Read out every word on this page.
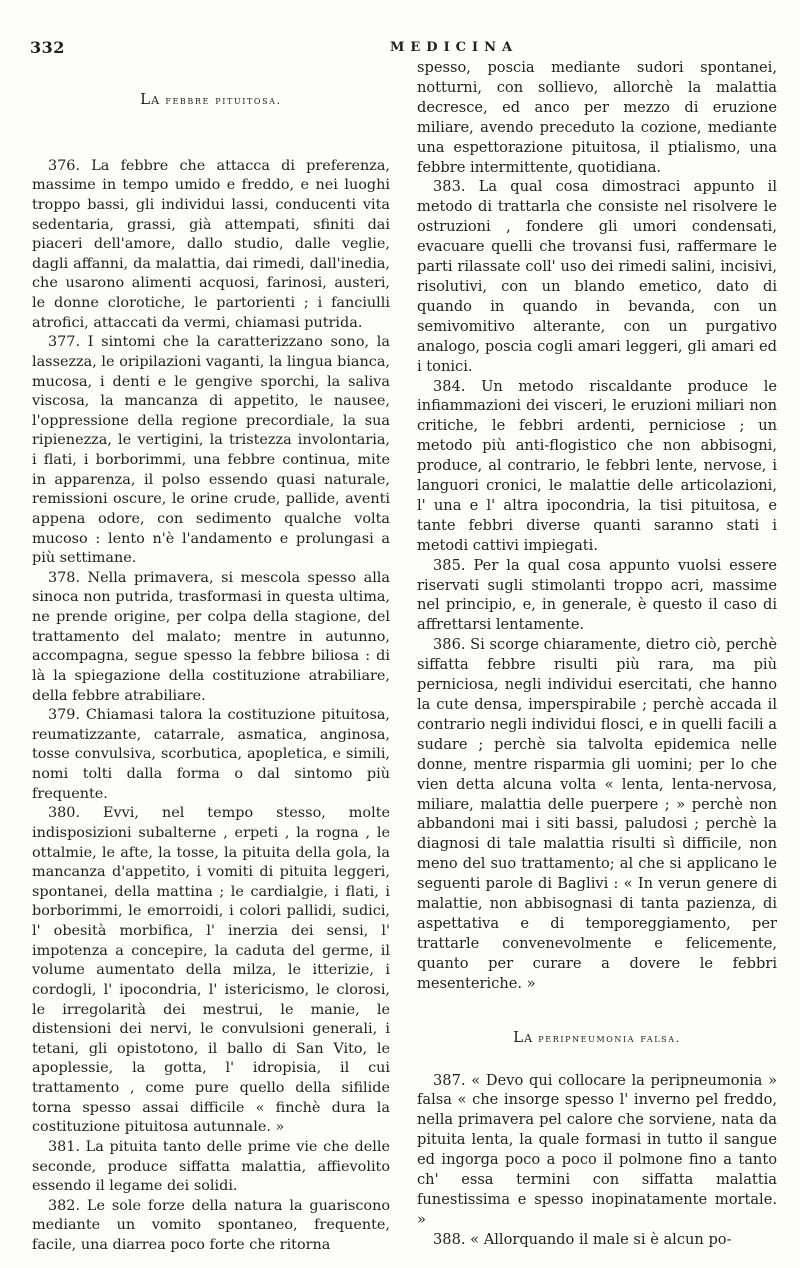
332	MEDICINA
La febbre pituitosa.

376. La febbre che attacca di preferenza, massime in tempo umido e freddo, e nei luoghi troppo bassi, gli individui lassi, conducenti vita sedentaria, grassi, già attempati, sfiniti dai piaceri dell'amore, dallo studio, dalle veglie, dagli affanni, da malattia, dai rimedi, dall'inedia, che usarono alimenti acquosi, farinosi, austeri, le donne clorotiche, le partorienti ; i fanciulli atrofici, attaccati da vermi, chiamasi putrida.

377. I sintomi che la caratterizzano sono, la lassezza, le oripilazioni vaganti, la lingua bianca, mucosa, i denti e le gengive sporchi, la saliva viscosa, la mancanza di appetito, le nausee, l'oppressione della regione precordiale, la sua ripienezza, le vertigini, la tristezza involontaria, i flati, i borborimmi, una febbre continua, mite in apparenza, il polso essendo quasi naturale, remissioni oscure, le orine crude, pallide, aventi appena odore, con sedimento qualche volta mucoso : lento n'è l'andamento e prolungasi a più settimane.

378. Nella primavera, si mescola spesso alla sinoca non putrida, trasformasi in questa ultima, ne prende origine, per colpa della stagione, del trattamento del malato; mentre in autunno, accompagna, segue spesso la febbre biliosa : di là la spiegazione della costituzione atrabiliare, della febbre atrabiliare.

379. Chiamasi talora la costituzione pituitosa, reumatizzante, catarrale, asmatica, anginosa, tosse convulsiva, scorbutica, apopletica, e simili, nomi tolti dalla forma o dal sintomo più frequente.

380. Evvi, nel tempo stesso, molte indisposizioni subalterne , erpeti , la rogna , le ottalmie, le afte, la tosse, la pituita della gola, la mancanza d'appetito, i vomiti di pituita leggeri, spontanei, della mattina ; le cardialgie, i flati, i borborimmi, le emorroidi, i colori pallidi, sudici, l' obesità morbifica, l' inerzia dei sensi, l' impotenza a concepire, la caduta del germe, il volume aumentato della milza, le itterizie, i cordogli, l' ipocondria, l' istericismo, le clorosi, le irregolarità dei mestrui, le manie, le distensioni dei nervi, le convulsioni generali, i tetani, gli opistotono, il ballo di San Vito, le apoplessie, la gotta, l' idropisia, il cui trattamento , come pure quello della sifilide torna spesso assai difficile « finchè dura la costituzione pituitosa autunnale. »

381. La pituita tanto delle prime vie che delle seconde, produce siffatta malattia, affievolito essendo il legame dei solidi.

382. Le sole forze della natura la guariscono mediante un vomito spontaneo, frequente, facile, una diarrea poco forte che ritorna

spesso, poscia mediante sudori spontanei, notturni, con sollievo, allorchè la malattia decresce, ed anco per mezzo di eruzione miliare, avendo preceduto la cozione, mediante una espettorazione pituitosa, il ptialismo, una febbre intermittente, quotidiana.

383. La qual cosa dimostraci appunto il metodo di trattarla che consiste nel risolvere le ostruzioni , fondere gli umori condensati, evacuare quelli che trovansi fusi, raffermare le parti rilassate coll' uso dei rimedi salini, incisivi, risolutivi, con un blando emetico, dato di quando in quando in bevanda, con un semivomitivo alterante, con un purgativo analogo, poscia cogli amari leggeri, gli amari ed i tonici.

384. Un metodo riscaldante produce le infiammazioni dei visceri, le eruzioni miliari non critiche, le febbri ardenti, perniciose ; un metodo più anti-flogistico che non abbisogni, produce, al contrario, le febbri lente, nervose, i languori cronici, le malattie delle articolazioni, l' una e l' altra ipocondria, la tisi pituitosa, e tante febbri diverse quanti saranno stati i metodi cattivi impiegati.

385. Per la qual cosa appunto vuolsi essere riservati sugli stimolanti troppo acri, massime nel principio, e, in generale, è questo il caso di affrettarsi lentamente.

386. Si scorge chiaramente, dietro ciò, perchè siffatta febbre risulti più rara, ma più perniciosa, negli individui esercitati, che hanno la cute densa, imperspirabile ; perchè accada il contrario negli individui flosci, e in quelli facili a sudare ; perchè sia talvolta epidemica nelle donne, mentre risparmia gli uomini; per lo che vien detta alcuna volta « lenta, lenta-nervosa, miliare, malattia delle puerpere ; » perchè non abbandoni mai i siti bassi, paludosi ; perchè la diagnosi di tale malattia risulti sì difficile, non meno del suo trattamento; al che si applicano le seguenti parole di Baglivi : « In verun genere di malattie, non abbisognasi di tanta pazienza, di aspettativa e di temporeggiamento, per trattarle convenevolmente e felicemente, quanto per curare a dovere le febbri mesenteriche. »

La peripneumonia falsa.

387. « Devo qui collocare la peripneumonia » falsa « che insorge spesso l' inverno pel freddo, nella primavera pel calore che sorviene, nata da pituita lenta, la quale formasi in tutto il sangue ed ingorga poco a poco il polmone fino a tanto ch' essa termini con siffatta malattia funestissima e spesso inopinatamente mortale. »

388. « Allorquando il male si è alcun po-
